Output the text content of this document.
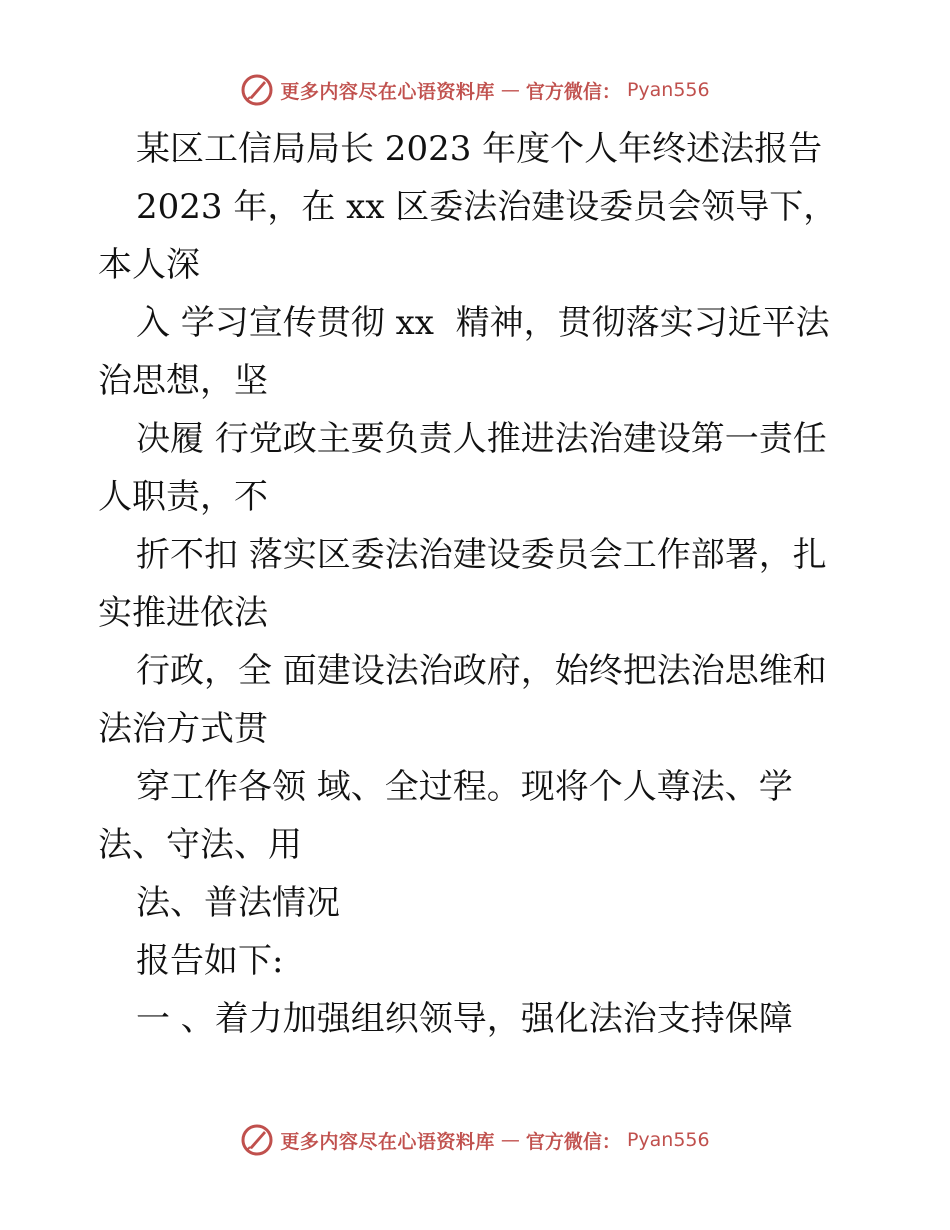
更多内容尽在心语资料库 — 官方微信： Pyan556
某区工信局局长 2023 年度个人年终述法报告
2023 年，在 xx 区委法治建设委员会领导下，
本人深
入 学习宣传贯彻 xx  精神，贯彻落实习近平法
治思想，坚
决履 行党政主要负责人推进法治建设第一责任
人职责，不
折不扣 落实区委法治建设委员会工作部署，扎
实推进依法
行政，全 面建设法治政府，始终把法治思维和
法治方式贯
穿工作各领 域、全过程。现将个人尊法、学
法、守法、用
法、普法情况
报告如下:
一 、着力加强组织领导，强化法治支持保障
更多内容尽在心语资料库 — 官方微信： Pyan556
